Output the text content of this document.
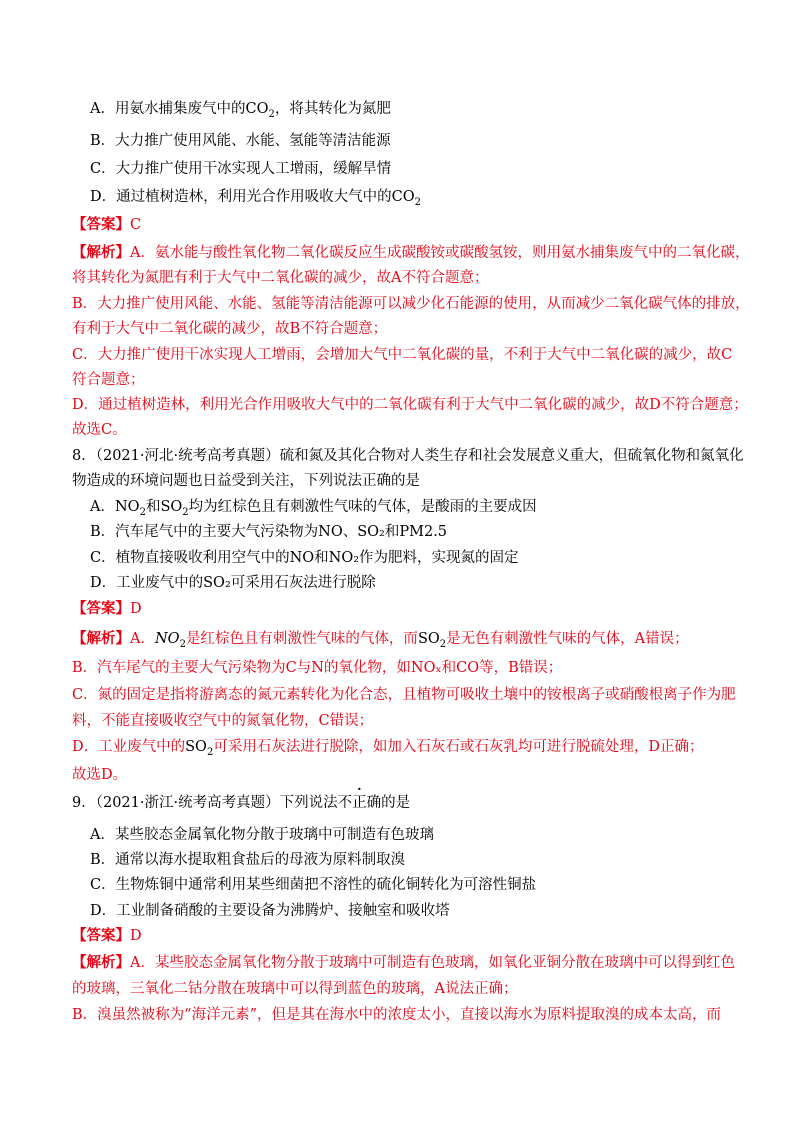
A．用氨水捕集废气中的$CO_2$，将其转化为氮肥
B．大力推广使用风能、水能、氢能等清洁能源
C．大力推广使用干冰实现人工增雨，缓解旱情
D．通过植树造林，利用光合作用吸收大气中的$CO_2$
【答案】C
【解析】A．氨水能与酸性氧化物二氧化碳反应生成碳酸铵或碳酸氢铵，则用氨水捕集废气中的二氧化碳，
将其转化为氮肥有利于大气中二氧化碳的减少，故A不符合题意；
B．大力推广使用风能、水能、氢能等清洁能源可以减少化石能源的使用，从而减少二氧化碳气体的排放，
有利于大气中二氧化碳的减少，故B不符合题意；
C．大力推广使用干冰实现人工增雨，会增加大气中二氧化碳的量，不利于大气中二氧化碳的减少，故C
符合题意；
D．通过植树造林，利用光合作用吸收大气中的二氧化碳有利于大气中二氧化碳的减少，故D不符合题意；
故选C。
8．（2021·河北·统考高考真题）硫和氮及其化合物对人类生存和社会发展意义重大，但硫氧化物和氮氧化
物造成的环境问题也日益受到关注，下列说法正确的是
A．$NO_2$和$SO_2$均为红棕色且有刺激性气味的气体，是酸雨的主要成因
B．汽车尾气中的主要大气污染物为NO、SO₂和PM2.5
C．植物直接吸收利用空气中的NO和NO₂作为肥料，实现氮的固定
D．工业废气中的SO₂可采用石灰法进行脱除
【答案】D
【解析】A．$NO_2$是红棕色且有刺激性气味的气体，而$SO_2$是无色有刺激性气味的气体，A错误；
B．汽车尾气的主要大气污染物为C与N的氧化物，如NOₓ和CO等，B错误；
C．氮的固定是指将游离态的氮元素转化为化合态，且植物可吸收土壤中的铵根离子或硝酸根离子作为肥
料，不能直接吸收空气中的氮氧化物，C错误；
D．工业废气中的$SO_2$可采用石灰法进行脱除，如加入石灰石或石灰乳均可进行脱硫处理，D正确；
故选D。
9．（2021·浙江·统考高考真题）下列说法不正确的是
A．某些胶态金属氧化物分散于玻璃中可制造有色玻璃
B．通常以海水提取粗食盐后的母液为原料制取溴
C．生物炼铜中通常利用某些细菌把不溶性的硫化铜转化为可溶性铜盐
D．工业制备硝酸的主要设备为沸腾炉、接触室和吸收塔
【答案】D
【解析】A．某些胶态金属氧化物分散于玻璃中可制造有色玻璃，如氧化亚铜分散在玻璃中可以得到红色
的玻璃，三氧化二钴分散在玻璃中可以得到蓝色的玻璃，A说法正确；
B．溴虽然被称为“海洋元素”，但是其在海水中的浓度太小，直接以海水为原料提取溴的成本太高，而
